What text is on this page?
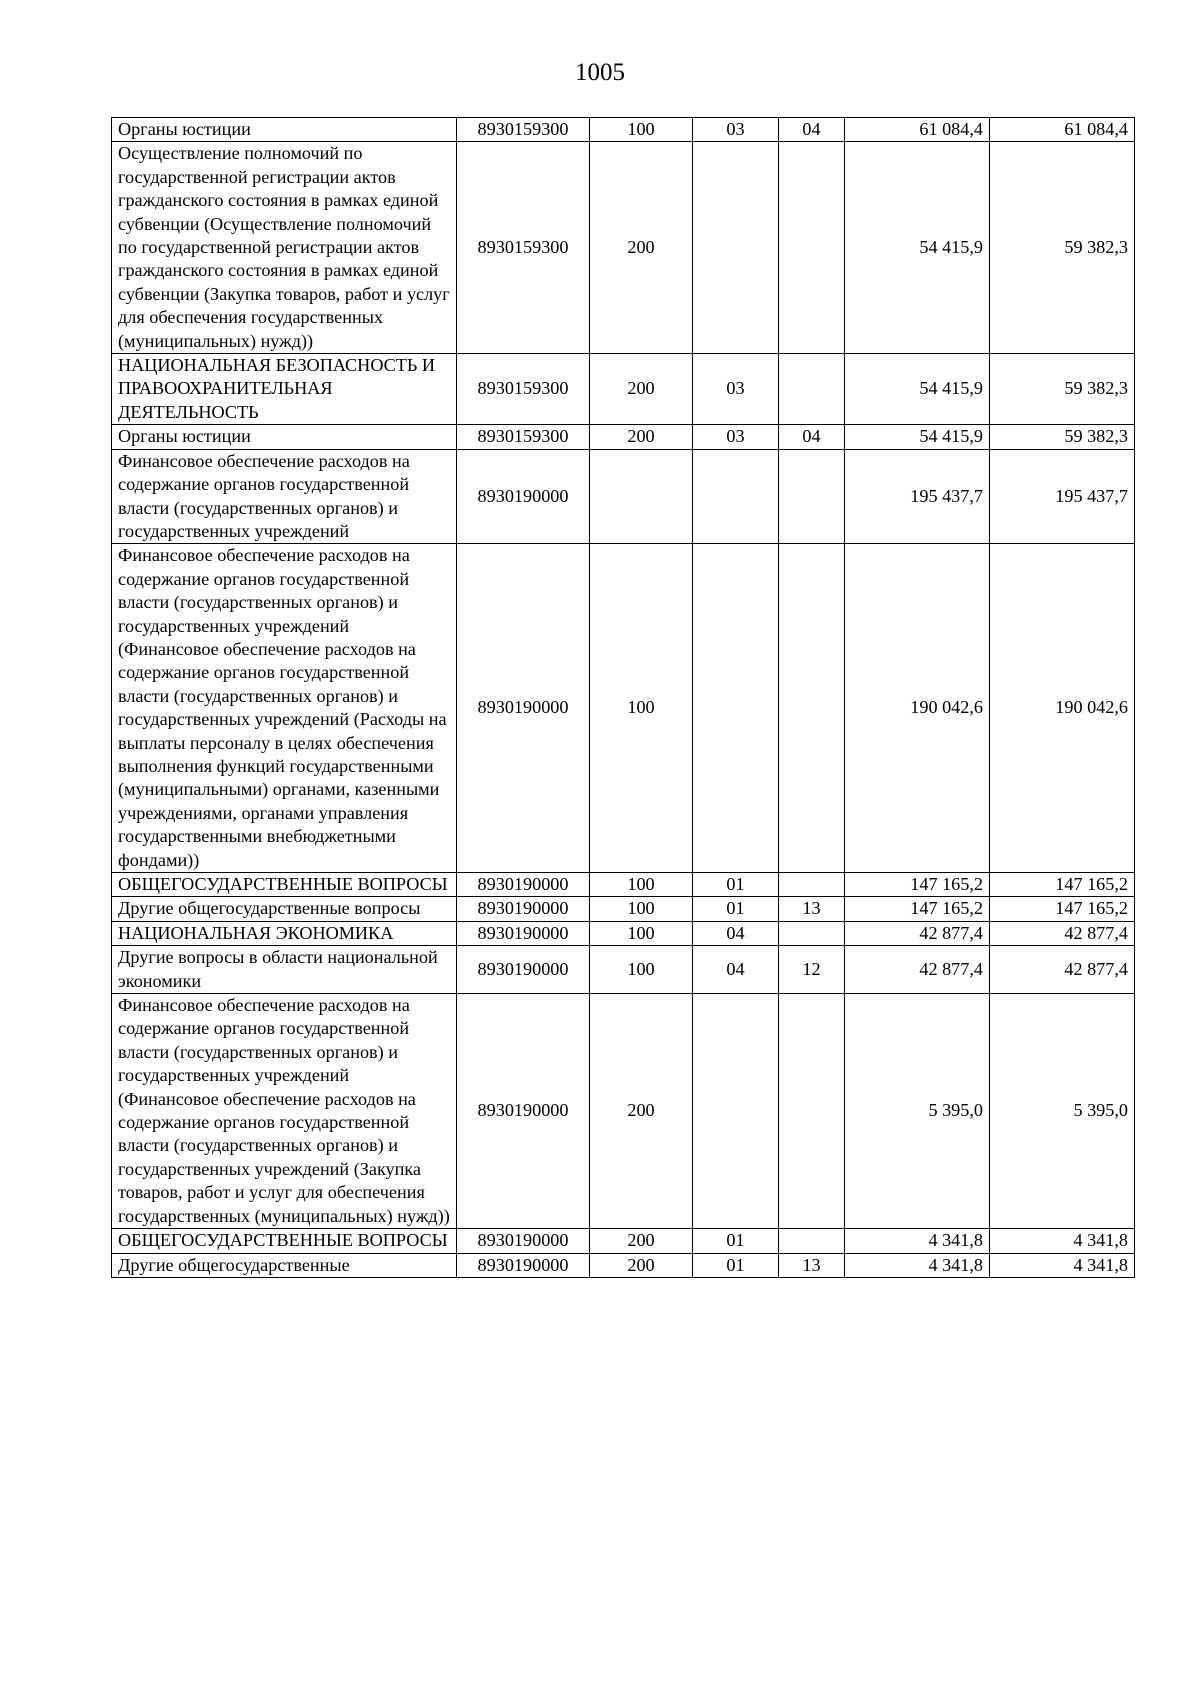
1005
Органы юстиции	8930159300	100	03	04	61 084,4	61 084,4
Осуществление полномочий по государственной регистрации актов гражданского состояния в рамках единой субвенции (Осуществление полномочий по государственной регистрации актов гражданского состояния в рамках единой субвенции (Закупка товаров, работ и услуг для обеспечения государственных (муниципальных) нужд))	8930159300	200			54 415,9	59 382,3
НАЦИОНАЛЬНАЯ БЕЗОПАСНОСТЬ И ПРАВООХРАНИТЕЛЬНАЯ ДЕЯТЕЛЬНОСТЬ	8930159300	200	03		54 415,9	59 382,3
Органы юстиции	8930159300	200	03	04	54 415,9	59 382,3
Финансовое обеспечение расходов на содержание органов государственной власти (государственных органов) и государственных учреждений	8930190000				195 437,7	195 437,7
Финансовое обеспечение расходов на содержание органов государственной власти (государственных органов) и государственных учреждений (Финансовое обеспечение расходов на содержание органов государственной власти (государственных органов) и государственных учреждений (Расходы на выплаты персоналу в целях обеспечения выполнения функций государственными (муниципальными) органами, казенными учреждениями, органами управления государственными внебюджетными фондами))	8930190000	100			190 042,6	190 042,6
ОБЩЕГОСУДАРСТВЕННЫЕ ВОПРОСЫ	8930190000	100	01		147 165,2	147 165,2
Другие общегосударственные вопросы	8930190000	100	01	13	147 165,2	147 165,2
НАЦИОНАЛЬНАЯ ЭКОНОМИКА	8930190000	100	04		42 877,4	42 877,4
Другие вопросы в области национальной экономики	8930190000	100	04	12	42 877,4	42 877,4
Финансовое обеспечение расходов на содержание органов государственной власти (государственных органов) и государственных учреждений (Финансовое обеспечение расходов на содержание органов государственной власти (государственных органов) и государственных учреждений (Закупка товаров, работ и услуг для обеспечения государственных (муниципальных) нужд))	8930190000	200			5 395,0	5 395,0
ОБЩЕГОСУДАРСТВЕННЫЕ ВОПРОСЫ	8930190000	200	01		4 341,8	4 341,8
Другие общегосударственные	8930190000	200	01	13	4 341,8	4 341,8
